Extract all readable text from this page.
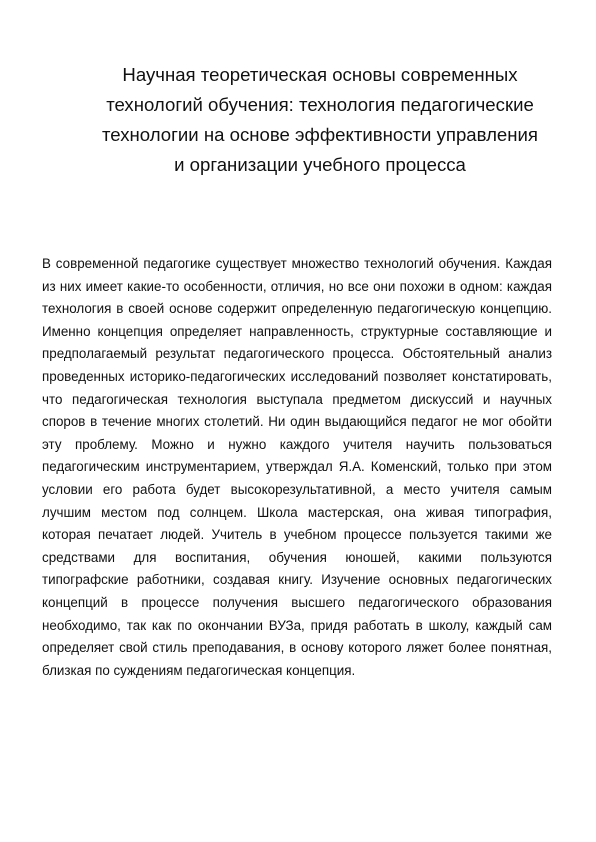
Научная теоретическая основы современных технологий обучения: технология педагогические технологии на основе эффективности управления и организации учебного процесса

В современной педагогике существует множество технологий обучения. Каждая из них имеет какие-то особенности, отличия, но все они похожи в одном: каждая технология в своей основе содержит определенную педагогическую концепцию. Именно концепция определяет направленность, структурные составляющие и предполагаемый результат педагогического процесса. Обстоятельный анализ проведенных историко-педагогических исследований позволяет констатировать, что педагогическая технология выступала предметом дискуссий и научных споров в течение многих столетий. Ни один выдающийся педагог не мог обойти эту проблему. Можно и нужно каждого учителя научить пользоваться педагогическим инструментарием, утверждал Я.А. Коменский, только при этом условии его работа будет высокорезультативной, а место учителя самым лучшим местом под солнцем. Школа мастерская, она живая типография, которая печатает людей. Учитель в учебном процессе пользуется такими же средствами для воспитания, обучения юношей, какими пользуются типографские работники, создавая книгу. Изучение основных педагогических концепций в процессе получения высшего педагогического образования необходимо, так как по окончании ВУЗа, придя работать в школу, каждый сам определяет свой стиль преподавания, в основу которого ляжет более понятная, близкая по суждениям педагогическая концепция.
